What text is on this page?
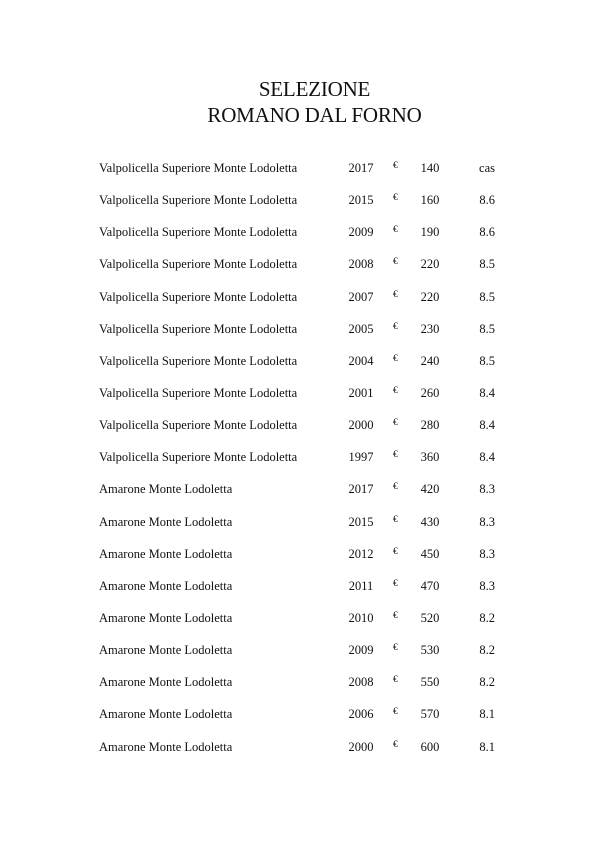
SELEZIONE
ROMANO DAL FORNO
Valpolicella Superiore Monte Lodoletta	2017 €	140	cas
Valpolicella Superiore Monte Lodoletta	2015 €	160	8.6
Valpolicella Superiore Monte Lodoletta	2009 €	190	8.6
Valpolicella Superiore Monte Lodoletta	2008 €	220	8.5
Valpolicella Superiore Monte Lodoletta	2007 €	220	8.5
Valpolicella Superiore Monte Lodoletta	2005 €	230	8.5
Valpolicella Superiore Monte Lodoletta	2004 €	240	8.5
Valpolicella Superiore Monte Lodoletta	2001 €	260	8.4
Valpolicella Superiore Monte Lodoletta	2000 €	280	8.4
Valpolicella Superiore Monte Lodoletta	1997 €	360	8.4
Amarone Monte Lodoletta	2017 €	420	8.3
Amarone Monte Lodoletta	2015 €	430	8.3
Amarone Monte Lodoletta	2012 €	450	8.3
Amarone Monte Lodoletta	2011 €	470	8.3
Amarone Monte Lodoletta	2010 €	520	8.2
Amarone Monte Lodoletta	2009 €	530	8.2
Amarone Monte Lodoletta	2008 €	550	8.2
Amarone Monte Lodoletta	2006 €	570	8.1
Amarone Monte Lodoletta	2000 €	600	8.1
